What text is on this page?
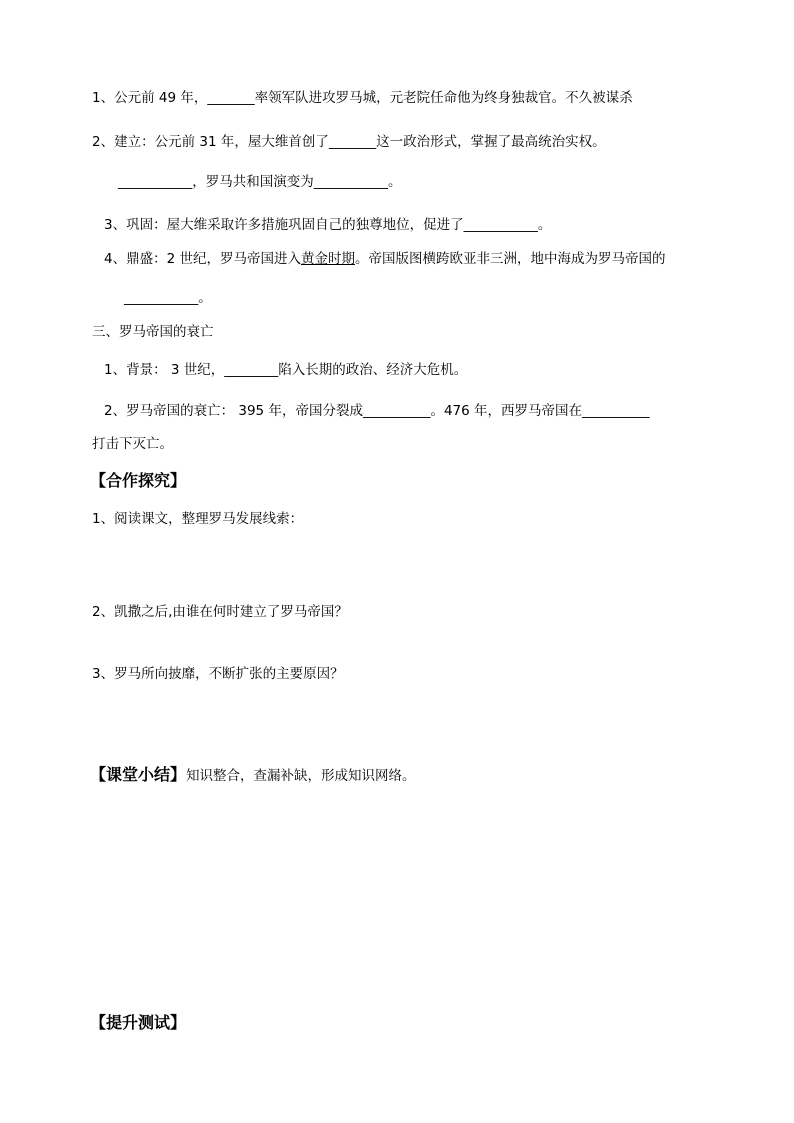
1、公元前 49 年，_______率领军队进攻罗马城，元老院任命他为终身独裁官。不久被谋杀
2、建立：公元前 31 年，屋大维首创了_______这一政治形式，掌握了最高统治实权。
___________，罗马共和国演变为___________。
3、巩固：屋大维采取许多措施巩固自己的独尊地位，促进了___________。
4、鼎盛：2 世纪，罗马帝国进入黄金时期。帝国版图横跨欧亚非三洲，地中海成为罗马帝国的
___________。
三、罗马帝国的衰亡
1、背景： 3 世纪，________陷入长期的政治、经济大危机。
2、罗马帝国的衰亡： 395 年，帝国分裂成__________。476 年，西罗马帝国在__________
打击下灭亡。
【合作探究】
1、阅读课文，整理罗马发展线索：
2、凯撒之后,由谁在何时建立了罗马帝国？
3、罗马所向披靡，不断扩张的主要原因？
【课堂小结】知识整合，查漏补缺，形成知识网络。
【提升测试】
